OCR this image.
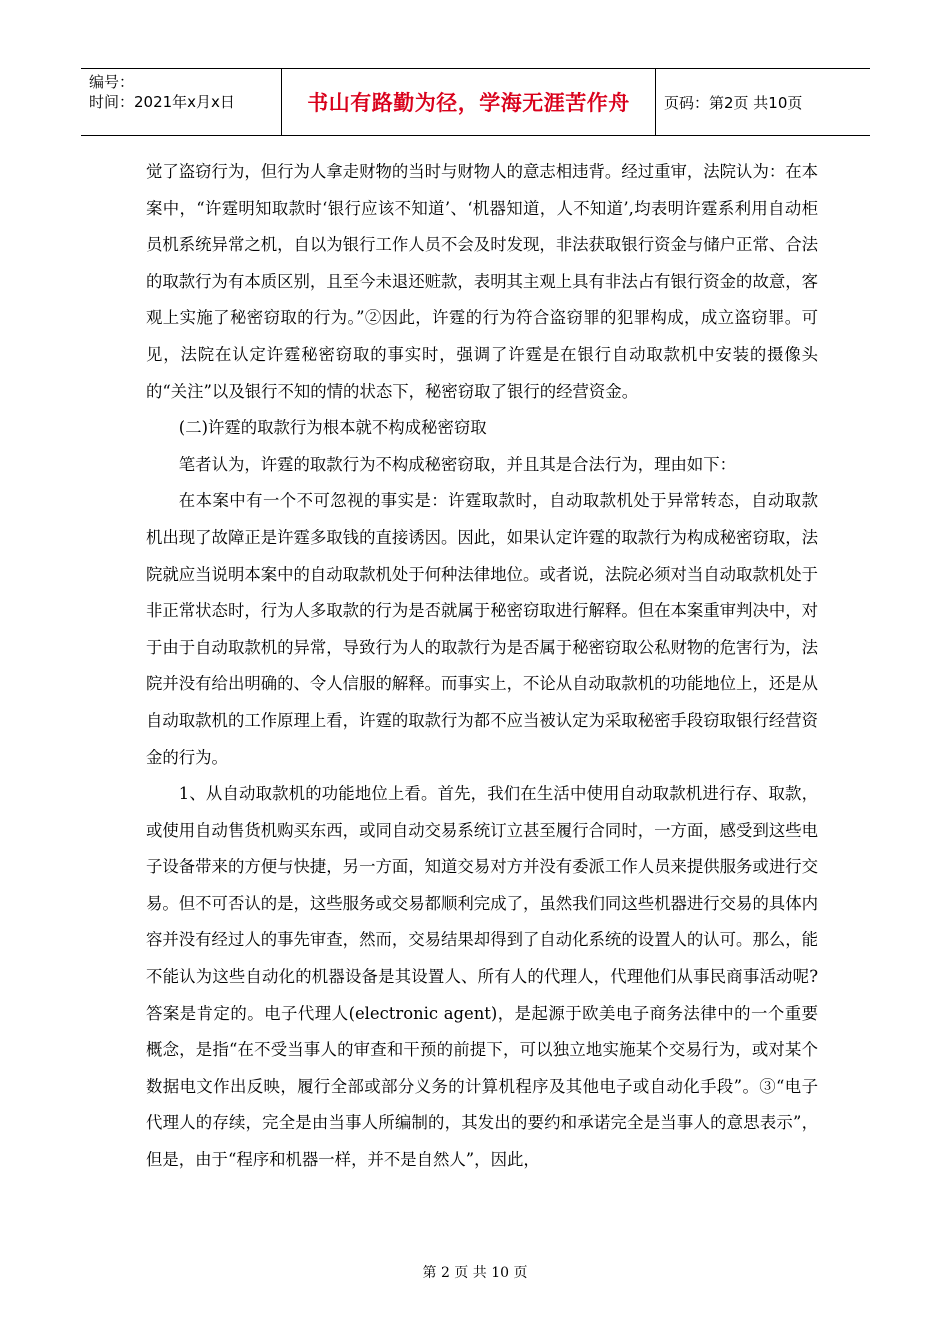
编号：
时间：2021年x月x日	书山有路勤为径，学海无涯苦作舟 页码：第2页 共10页

觉了盗窃行为，但行为人拿走财物的当时与财物人的意志相违背。经过重审，法院认为：在本案中，“许霆明知取款时‘银行应该不知道’、‘机器知道，人不知道’,均表明许霆系利用自动柜员机系统异常之机，自以为银行工作人员不会及时发现，非法获取银行资金与储户正常、合法的取款行为有本质区别，且至今未退还赃款，表明其主观上具有非法占有银行资金的故意，客观上实施了秘密窃取的行为。”②因此，许霆的行为符合盗窃罪的犯罪构成，成立盗窃罪。可见，法院在认定许霆秘密窃取的事实时，强调了许霆是在银行自动取款机中安装的摄像头的“关注”以及银行不知的情的状态下，秘密窃取了银行的经营资金。

(二)许霆的取款行为根本就不构成秘密窃取

笔者认为，许霆的取款行为不构成秘密窃取，并且其是合法行为，理由如下：

在本案中有一个不可忽视的事实是：许霆取款时，自动取款机处于异常转态，自动取款机出现了故障正是许霆多取钱的直接诱因。因此，如果认定许霆的取款行为构成秘密窃取，法院就应当说明本案中的自动取款机处于何种法律地位。或者说，法院必须对当自动取款机处于非正常状态时，行为人多取款的行为是否就属于秘密窃取进行解释。但在本案重审判决中，对于由于自动取款机的异常，导致行为人的取款行为是否属于秘密窃取公私财物的危害行为，法院并没有给出明确的、令人信服的解释。而事实上，不论从自动取款机的功能地位上，还是从自动取款机的工作原理上看，许霆的取款行为都不应当被认定为采取秘密手段窃取银行经营资金的行为。

1、从自动取款机的功能地位上看。首先，我们在生活中使用自动取款机进行存、取款，或使用自动售货机购买东西，或同自动交易系统订立甚至履行合同时，一方面，感受到这些电子设备带来的方便与快捷，另一方面，知道交易对方并没有委派工作人员来提供服务或进行交易。但不可否认的是，这些服务或交易都顺利完成了，虽然我们同这些机器进行交易的具体内容并没有经过人的事先审查，然而，交易结果却得到了自动化系统的设置人的认可。那么，能不能认为这些自动化的机器设备是其设置人、所有人的代理人，代理他们从事民商事活动呢?答案是肯定的。电子代理人(electronic agent)，是起源于欧美电子商务法律中的一个重要概念，是指“在不受当事人的审查和干预的前提下，可以独立地实施某个交易行为，或对某个数据电文作出反映，履行全部或部分义务的计算机程序及其他电子或自动化手段”。③“电子代理人的存续，完全是由当事人所编制的，其发出的要约和承诺完全是当事人的意思表示”，但是，由于“程序和机器一样，并不是自然人”，因此，

第 2 页 共 10 页
